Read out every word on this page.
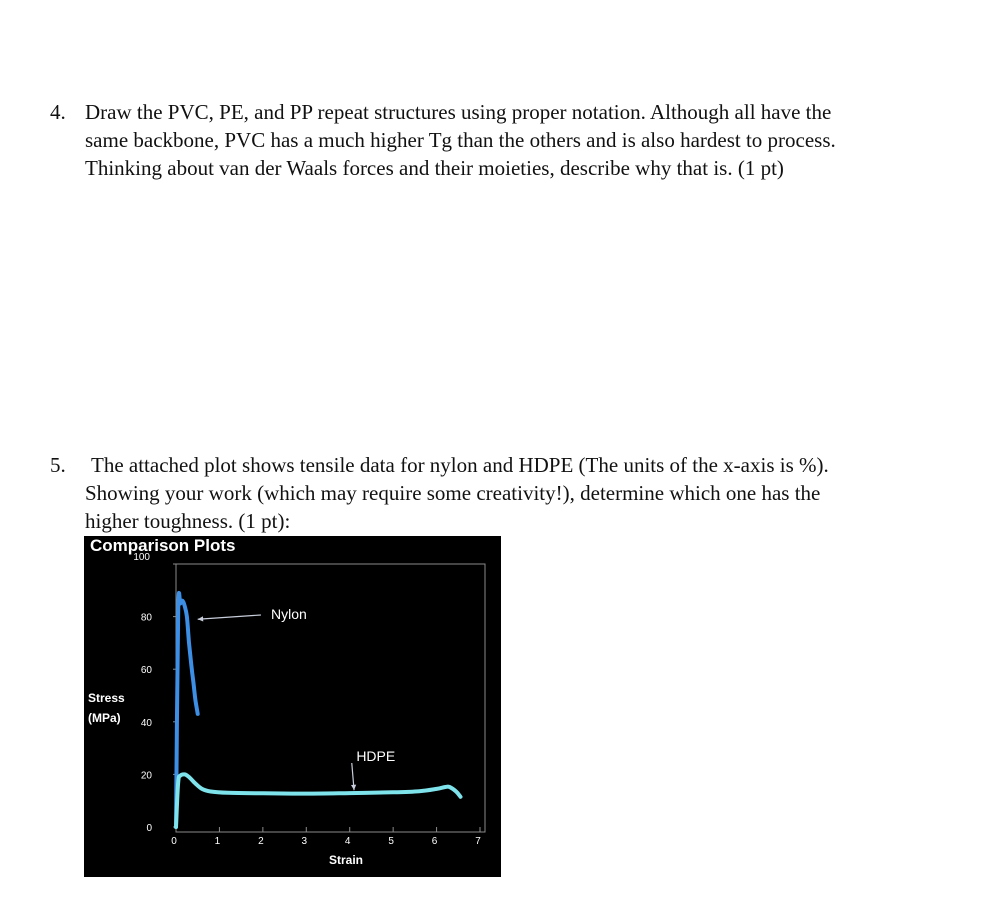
4. Draw the PVC, PE, and PP repeat structures using proper notation. Although all have the
same backbone, PVC has a much higher Tg than the others and is also hardest to process.
Thinking about van der Waals forces and their moieties, describe why that is. (1 pt)
5. The attached plot shows tensile data for nylon and HDPE (The units of the x-axis is %).
Showing your work (which may require some creativity!), determine which one has the
higher toughness. (1 pt):
Comparison Plots
100
80
60
40
20
0
0	1	2	3	4	5	6	7
Stress
(MPa)
Strain
Nylon
HDPE
